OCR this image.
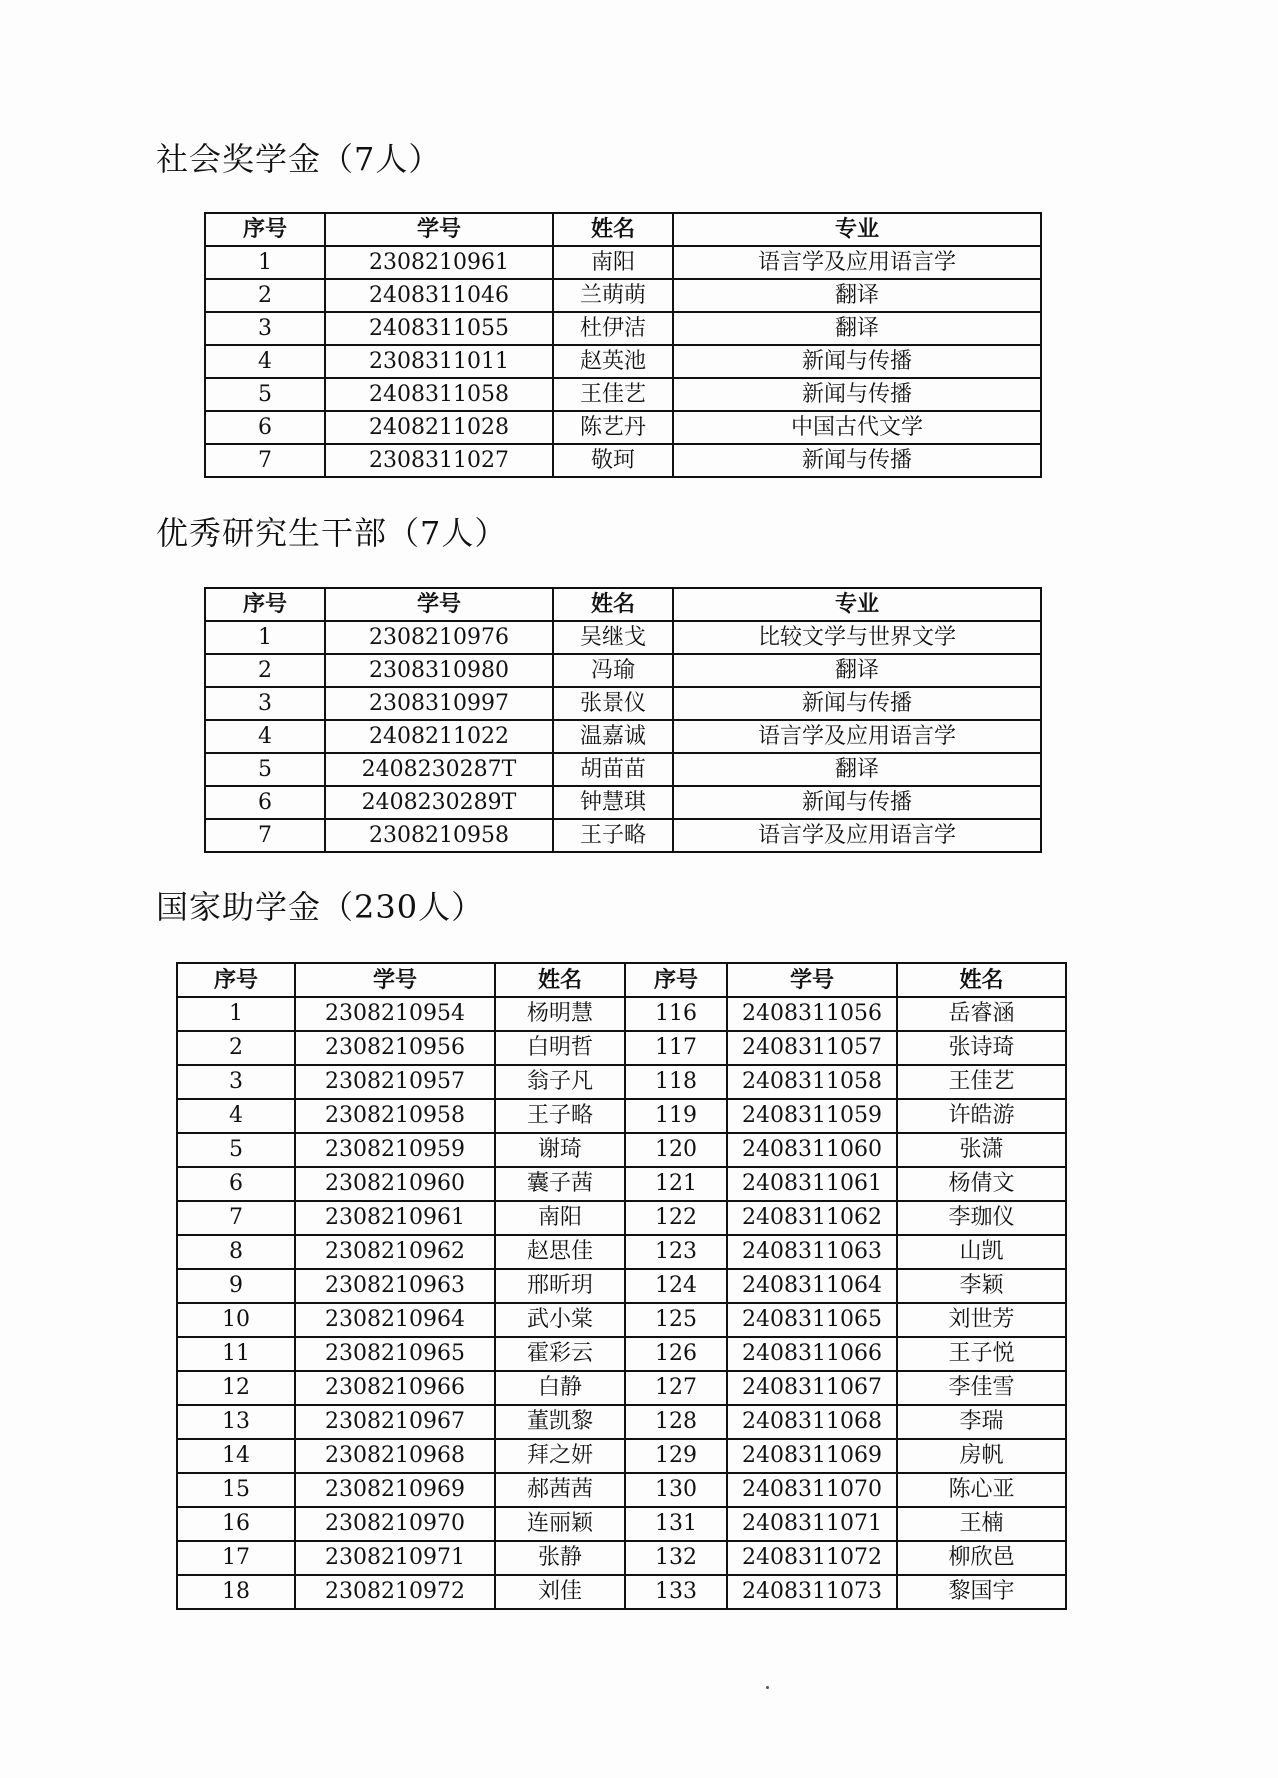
社会奖学金（7人）
序号	学号	姓名	专业
1	2308210961	南阳	语言学及应用语言学
2	2408311046	兰萌萌	翻译
3	2408311055	杜伊洁	翻译
4	2308311011	赵英池	新闻与传播
5	2408311058	王佳艺	新闻与传播
6	2408211028	陈艺丹	中国古代文学
7	2308311027	敬珂	新闻与传播
优秀研究生干部（7人）
序号	学号	姓名	专业
1	2308210976	吴继戈	比较文学与世界文学
2	2308310980	冯瑜	翻译
3	2308310997	张景仪	新闻与传播
4	2408211022	温嘉诚	语言学及应用语言学
5	2408230287T	胡苗苗	翻译
6	2408230289T	钟慧琪	新闻与传播
7	2308210958	王子略	语言学及应用语言学
国家助学金（230人）
序号	学号	姓名	序号	学号	姓名
1	2308210954	杨明慧	116	2408311056	岳睿涵
2	2308210956	白明哲	117	2408311057	张诗琦
3	2308210957	翁子凡	118	2408311058	王佳艺
4	2308210958	王子略	119	2408311059	许皓游
5	2308210959	谢琦	120	2408311060	张潇
6	2308210960	囊子茜	121	2408311061	杨倩文
7	2308210961	南阳	122	2408311062	李珈仪
8	2308210962	赵思佳	123	2408311063	山凯
9	2308210963	邢昕玥	124	2408311064	李颖
10	2308210964	武小棠	125	2408311065	刘世芳
11	2308210965	霍彩云	126	2408311066	王子悦
12	2308210966	白静	127	2408311067	李佳雪
13	2308210967	董凯黎	128	2408311068	李瑞
14	2308210968	拜之妍	129	2408311069	房帆
15	2308210969	郝茜茜	130	2408311070	陈心亚
16	2308210970	连丽颖	131	2408311071	王楠
17	2308210971	张静	132	2408311072	柳欣邑
18	2308210972	刘佳	133	2408311073	黎国宇
